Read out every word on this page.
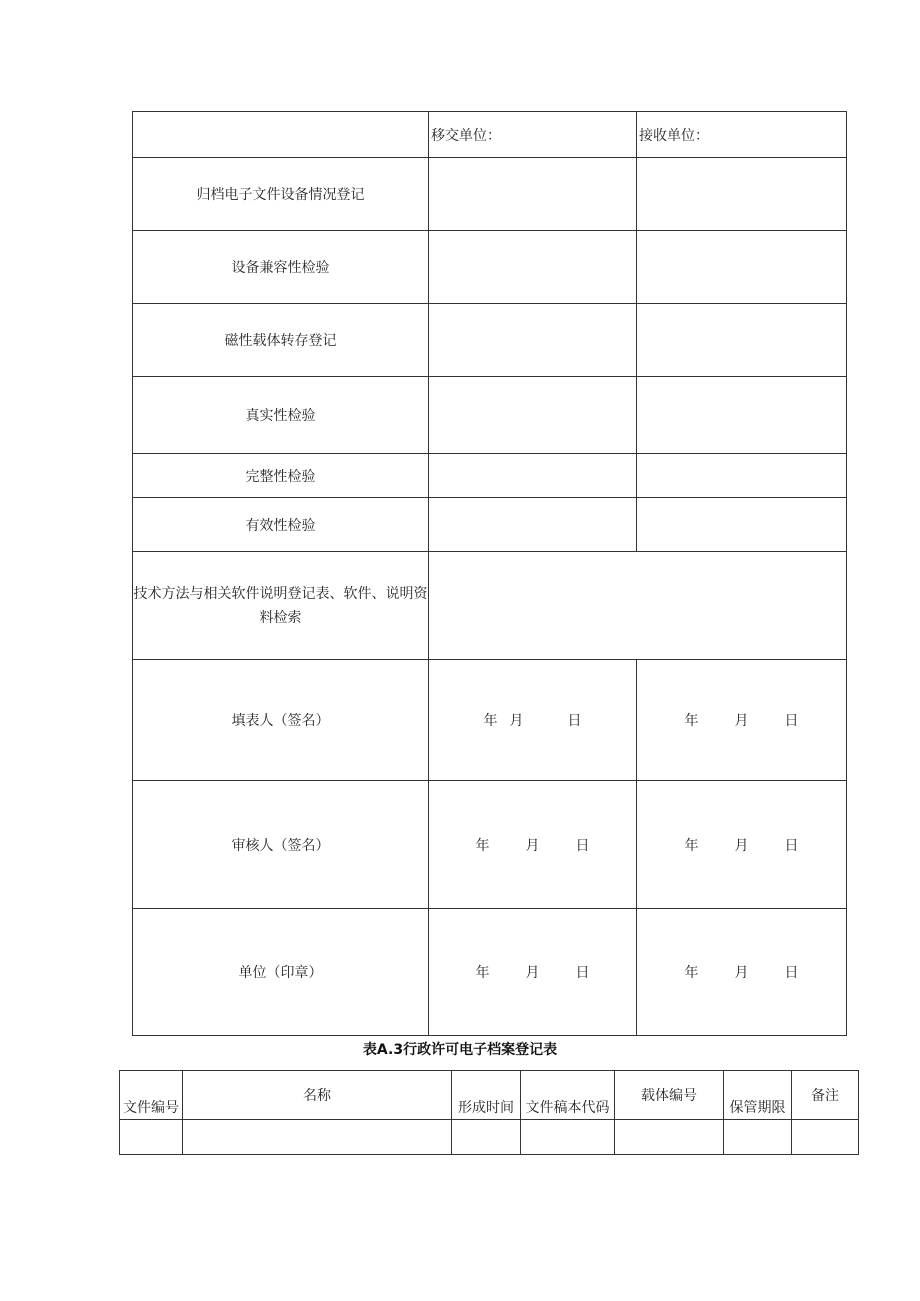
	移交单位：	接收单位：
归档电子文件设备情况登记		
设备兼容性检验		
磁性载体转存登记		
真实性检验		
完整性检验		
有效性检验		
技术方法与相关软件说明登记表、软件、说明资料检索		
填表人（签名）	年 月 日	年 月 日

审核人（签名）	年 月 日	年 月 日

单位（印章）	年 月 日	年 月 日
表A.3行政许可电子档案登记表
文件编号	名称	形成时间	文件稿本代码	载体编号	保管期限	备注
